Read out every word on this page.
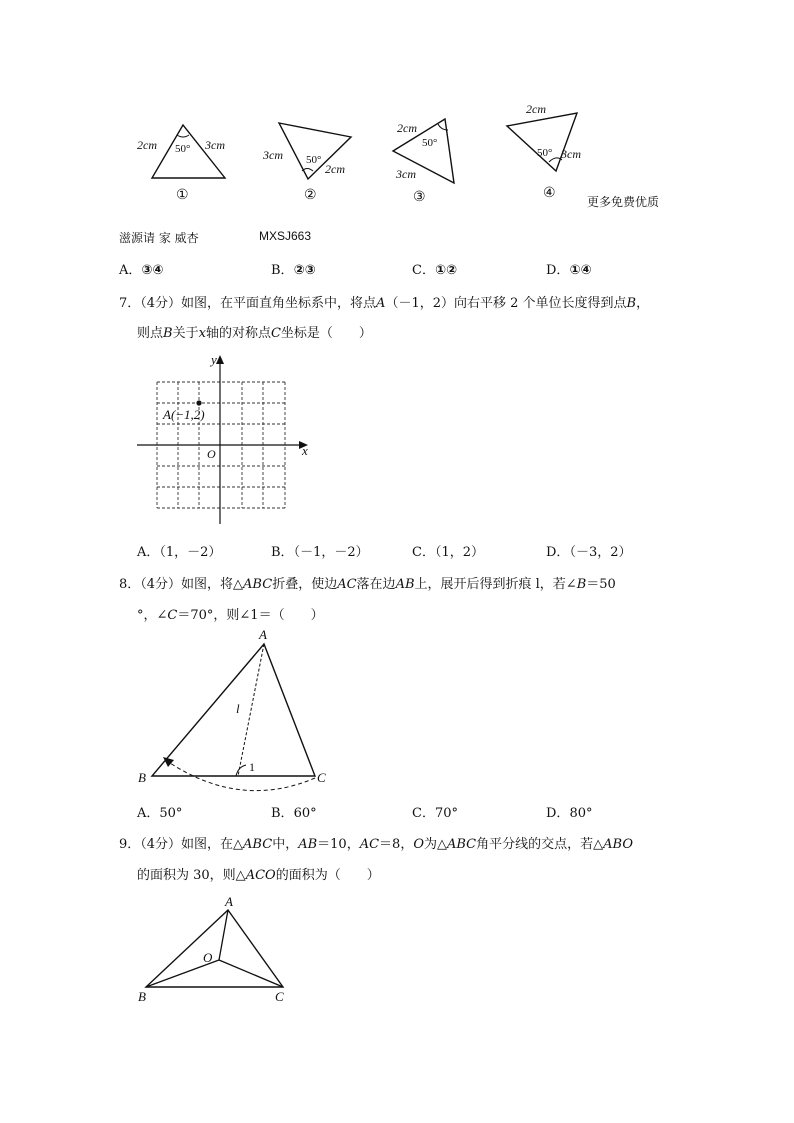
2cm	3cm
50°
①
3cm
2cm
50°
②
2cm
3cm
50°
③
2cm
3cm
50°
④
更多免费优质
滋源请 家 威杏	MXSJ663
A．③④	B．②③	C．①②	D．①④
7．（4分）如图，在平面直角坐标系中，将点A（－1，2）向右平移 2 个单位长度得到点B，
则点B关于x轴的对称点C坐标是（　　）
y
x
O
A(−1,2)
A．（1，－2）	B．（－1，－2）	C．（1，2）	D．（－3，2）
8．（4分）如图，将△ABC折叠，使边AC落在边AB上，展开后得到折痕 l，若∠B＝50
°，∠C＝70°，则∠1＝（　　）
A
B	C
l
1
A．50°	B．60°	C．70°	D．80°
9．（4分）如图，在△ABC中，AB＝10，AC＝8，O为△ABC角平分线的交点，若△ABO
的面积为 30，则△ACO的面积为（　　）
A
B	C
O
